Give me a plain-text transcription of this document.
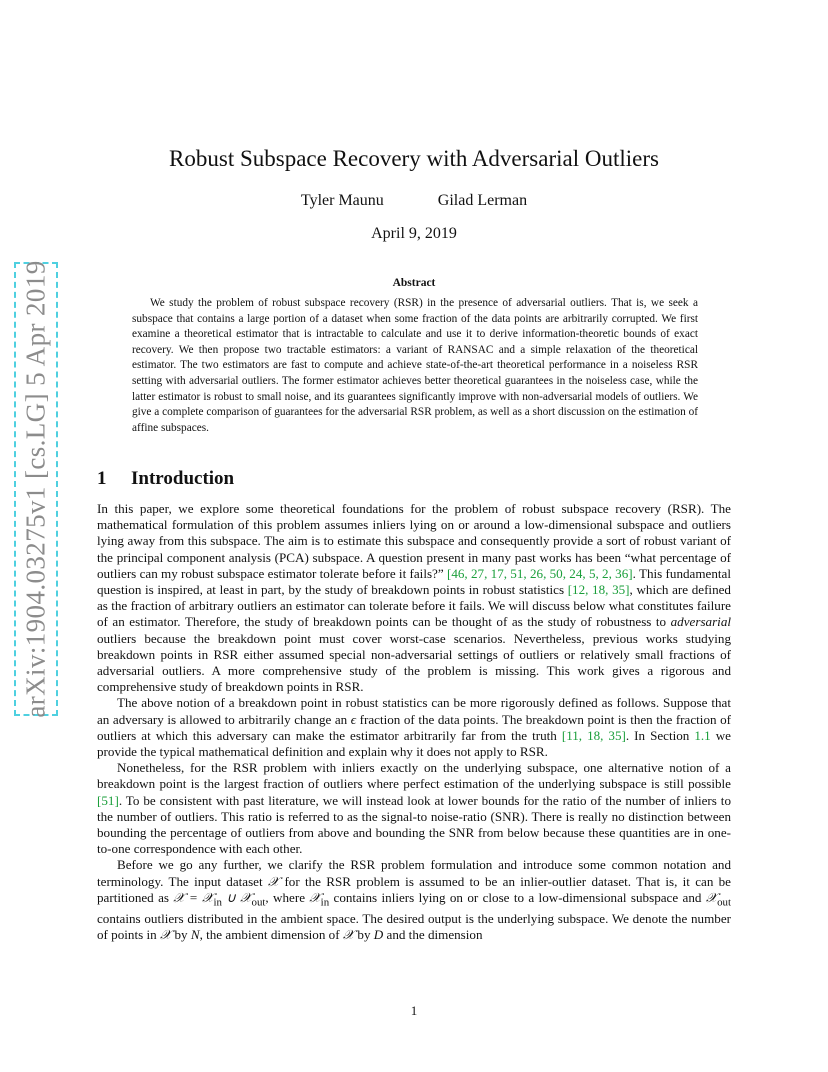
arXiv:1904.03275v1 [cs.LG] 5 Apr 2019
Robust Subspace Recovery with Adversarial Outliers
Tyler Maunu	Gilad Lerman
April 9, 2019
Abstract

We study the problem of robust subspace recovery (RSR) in the presence of adversarial outliers. That is, we seek a subspace that contains a large portion of a dataset when some fraction of the data points are arbitrarily corrupted. We first examine a theoretical estimator that is intractable to calculate and use it to derive information-theoretic bounds of exact recovery. We then propose two tractable estimators: a variant of RANSAC and a simple relaxation of the theoretical estimator. The two estimators are fast to compute and achieve state-of-the-art theoretical performance in a noiseless RSR setting with adversarial outliers. The former estimator achieves better theoretical guarantees in the noiseless case, while the latter estimator is robust to small noise, and its guarantees significantly improve with non-adversarial models of outliers. We give a complete comparison of guarantees for the adversarial RSR problem, as well as a short discussion on the estimation of affine subspaces.

1 Introduction

In this paper, we explore some theoretical foundations for the problem of robust subspace recovery (RSR). The mathematical formulation of this problem assumes inliers lying on or around a low-dimensional subspace and outliers lying away from this subspace. The aim is to estimate this subspace and consequently provide a sort of robust variant of the principal component analysis (PCA) subspace. A question present in many past works has been “what percentage of outliers can my robust subspace estimator tolerate before it fails?” [46, 27, 17, 51, 26, 50, 24, 5, 2, 36]. This fundamental question is inspired, at least in part, by the study of breakdown points in robust statistics [12, 18, 35], which are defined as the fraction of arbitrary outliers an estimator can tolerate before it fails. We will discuss below what constitutes failure of an estimator. Therefore, the study of breakdown points can be thought of as the study of robustness to adversarial outliers because the breakdown point must cover worst-case scenarios. Nevertheless, previous works studying breakdown points in RSR either assumed special non-adversarial settings of outliers or relatively small fractions of adversarial outliers. A more comprehensive study of the problem is missing. This work gives a rigorous and comprehensive study of breakdown points in RSR.

The above notion of a breakdown point in robust statistics can be more rigorously defined as follows. Suppose that an adversary is allowed to arbitrarily change an ϵ fraction of the data points. The breakdown point is then the fraction of outliers at which this adversary can make the estimator arbitrarily far from the truth [11, 18, 35]. In Section 1.1 we provide the typical mathematical definition and explain why it does not apply to RSR.

Nonetheless, for the RSR problem with inliers exactly on the underlying subspace, one alternative notion of a breakdown point is the largest fraction of outliers where perfect estimation of the underlying subspace is still possible [51]. To be consistent with past literature, we will instead look at lower bounds for the ratio of the number of inliers to the number of outliers. This ratio is referred to as the signal-to noise-ratio (SNR). There is really no distinction between bounding the percentage of outliers from above and bounding the SNR from below because these quantities are in one-to-one correspondence with each other.

Before we go any further, we clarify the RSR problem formulation and introduce some common notation and terminology. The input dataset 𝒳 for the RSR problem is assumed to be an inlier-outlier dataset. That is, it can be partitioned as 𝒳 = 𝒳$_{in}$ ∪ 𝒳$_{out}$, where 𝒳$_{in}$ contains inliers lying on or close to a low-dimensional subspace and 𝒳$_{out}$ contains outliers distributed in the ambient space. The desired output is the underlying subspace. We denote the number of points in 𝒳 by N, the ambient dimension of 𝒳 by D and the dimension

1
